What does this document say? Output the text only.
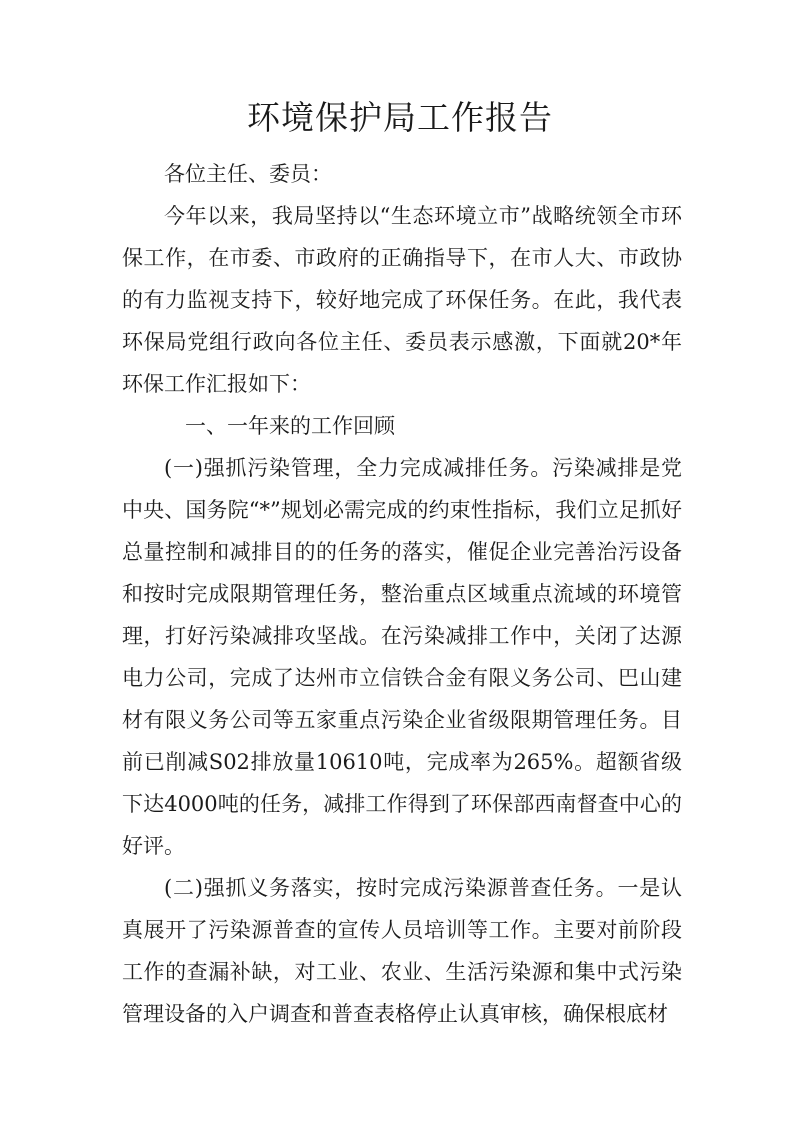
环境保护局工作报告

各位主任、委员：

今年以来，我局坚持以“生态环境立市”战略统领全市环保工作，在市委、市政府的正确指导下，在市人大、市政协的有力监视支持下，较好地完成了环保任务。在此，我代表环保局党组行政向各位主任、委员表示感激，下面就20*年环保工作汇报如下：

一、一年来的工作回顾

(一)强抓污染管理，全力完成减排任务。污染减排是党中央、国务院“*”规划必需完成的约束性指标，我们立足抓好总量控制和减排目的的任务的落实，催促企业完善治污设备和按时完成限期管理任务，整治重点区域重点流域的环境管理，打好污染减排攻坚战。在污染减排工作中，关闭了达源电力公司，完成了达州市立信铁合金有限义务公司、巴山建材有限义务公司等五家重点污染企业省级限期管理任务。目前已削减S02排放量10610吨，完成率为265%。超额省级下达4000吨的任务，减排工作得到了环保部西南督查中心的好评。

(二)强抓义务落实，按时完成污染源普查任务。一是认真展开了污染源普查的宣传人员培训等工作。主要对前阶段工作的查漏补缺，对工业、农业、生活污染源和集中式污染管理设备的入户调查和普查表格停止认真审核，确保根底材
